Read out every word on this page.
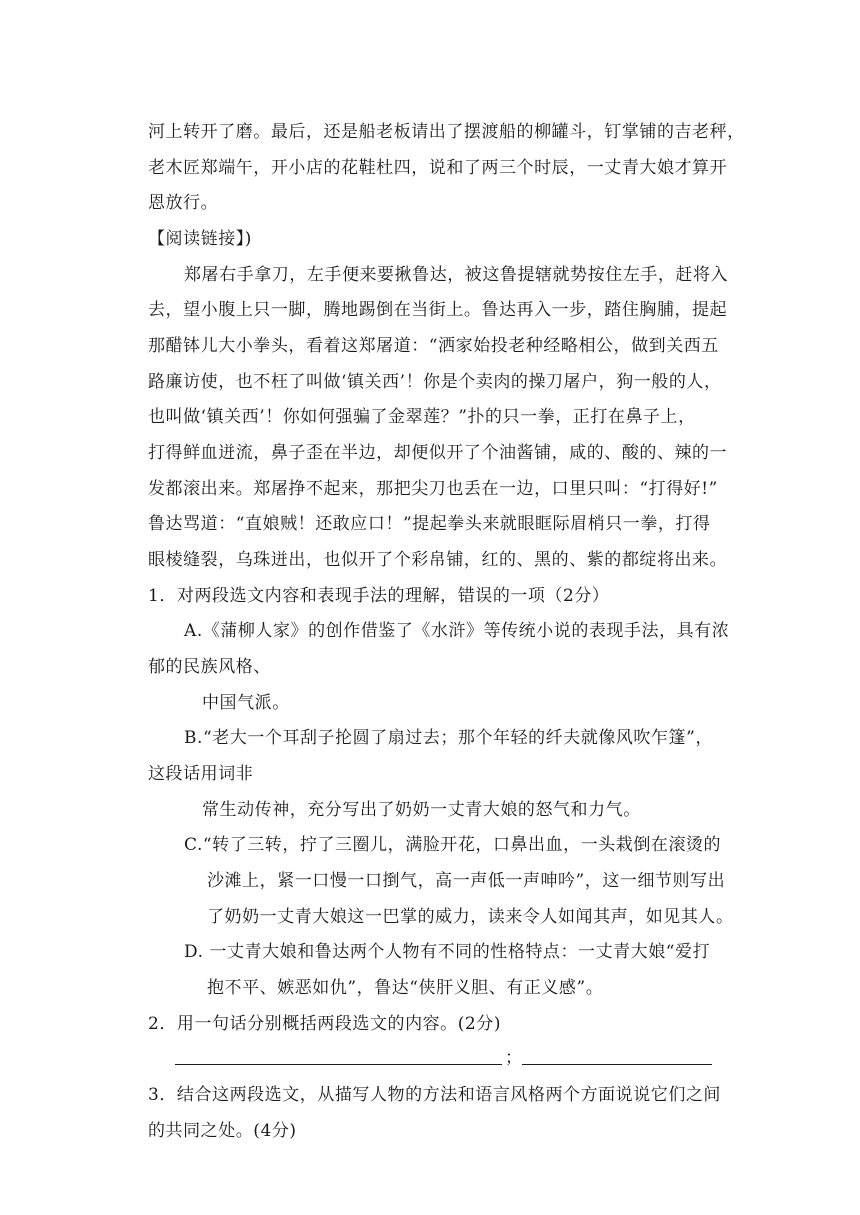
河上转开了磨。最后，还是船老板请出了摆渡船的柳罐斗，钉掌铺的吉老秤，

老木匠郑端午，开小店的花鞋杜四，说和了两三个时辰，一丈青大娘才算开

恩放行。

【阅读链接】)

郑屠右手拿刀，左手便来要揪鲁达，被这鲁提辖就势按住左手，赶将入

去，望小腹上只一脚，腾地踢倒在当街上。鲁达再入一步，踏住胸脯，提起

那醋钵儿大小拳头，看着这郑屠道：“洒家始投老种经略相公，做到关西五

路廉访使，也不枉了叫做‘镇关西’！你是个卖肉的操刀屠户，狗一般的人，

也叫做‘镇关西’！你如何强骗了金翠莲？”扑的只一拳，正打在鼻子上，

打得鲜血迸流，鼻子歪在半边，却便似开了个油酱铺，咸的、酸的、辣的一

发都滚出来。郑屠挣不起来，那把尖刀也丢在一边，口里只叫：“打得好!”

鲁达骂道：“直娘贼！还敢应口！”提起拳头来就眼眶际眉梢只一拳，打得

眼棱缝裂，乌珠迸出，也似开了个彩帛铺，红的、黑的、紫的都绽将出来。

1．对两段选文内容和表现手法的理解，错误的一项（2分）

A.《蒲柳人家》的创作借鉴了《水浒》等传统小说的表现手法，具有浓

郁的民族风格、

中国气派。

B.“老大一个耳刮子抡圆了扇过去；那个年轻的纤夫就像风吹乍篷”，

这段话用词非

常生动传神，充分写出了奶奶一丈青大娘的怒气和力气。

C.“转了三转，拧了三圈儿，满脸开花，口鼻出血，一头栽倒在滚烫的

沙滩上，紧一口慢一口捯气，高一声低一声呻吟”，这一细节则写出

了奶奶一丈青大娘这一巴掌的威力，读来令人如闻其声，如见其人。

D. 一丈青大娘和鲁达两个人物有不同的性格特点：一丈青大娘“爱打

抱不平、嫉恶如仇”，鲁达“侠肝义胆、有正义感”。

2．用一句话分别概括两段选文的内容。(2分)

；

3．结合这两段选文，从描写人物的方法和语言风格两个方面说说它们之间

的共同之处。(4分)
